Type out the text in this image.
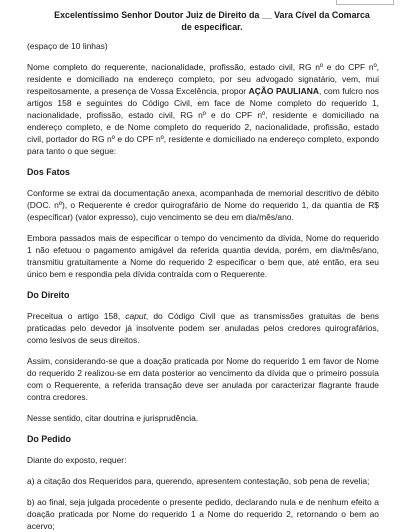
Excelentíssimo Senhor Doutor Juiz de Direito da __ Vara Cível da Comarca
de especificar.

(espaço de 10 linhas)

Nome completo do requerente, nacionalidade, profissão, estado civil, RG nº e do CPF nº, residente e domiciliado na endereço completo, por seu advogado signatário, vem, mui respeitosamente, a presença de Vossa Excelência, propor AÇÃO PAULIANA, com fulcro nos artigos 158 e seguintes do Código Civil, em face de Nome completo do requerido 1, nacionalidade, profissão, estado civil, RG nº e do CPF nº, residente e domiciliado na endereço completo, e de Nome completo do requerido 2, nacionalidade, profissão, estado civil, portador do RG nº e do CPF nº, residente e domiciliado na endereço completo, expondo para tanto o que segue:

Dos Fatos

Conforme se extrai da documentação anexa, acompanhada de memorial descritivo de débito (DOC. nº), o Requerente é credor quirografário de Nome do requerido 1, da quantia de R$ (especificar) (valor expresso), cujo vencimento se deu em dia/mês/ano.

Embora passados mais de especificar o tempo do vencimento da dívida, Nome do requerido 1 não efetuou o pagamento amigável da referida quantia devida, porém, em dia/mês/ano, transmitiu gratuitamente a Nome do requerido 2 especificar o bem que, até então, era seu único bem e respondia pela dívida contraída com o Requerente.

Do Direito

Preceitua o artigo 158, caput, do Código Civil que as transmissões gratuitas de bens praticadas pelo devedor já insolvente podem ser anuladas pelos credores quirografários, como lesivos de seus direitos.

Assim, considerando-se que a doação praticada por Nome do requerido 1 em favor de Nome do requerido 2 realizou-se em data posterior ao vencimento da dívida que o primeiro possuía com o Requerente, a referida transação deve ser anulada por caracterizar flagrante fraude contra credores.

Nesse sentido, citar doutrina e jurisprudência.

Do Pedido

Diante do exposto, requer:

a) a citação dos Requeridos para, querendo, apresentem contestação, sob pena de revelia;

b) ao final, seja julgada procedente o presente pedido, declarando nula e de nenhum efeito a doação praticada por Nome do requerido 1 a Nome do requerido 2, retornando o bem ao acervo;
